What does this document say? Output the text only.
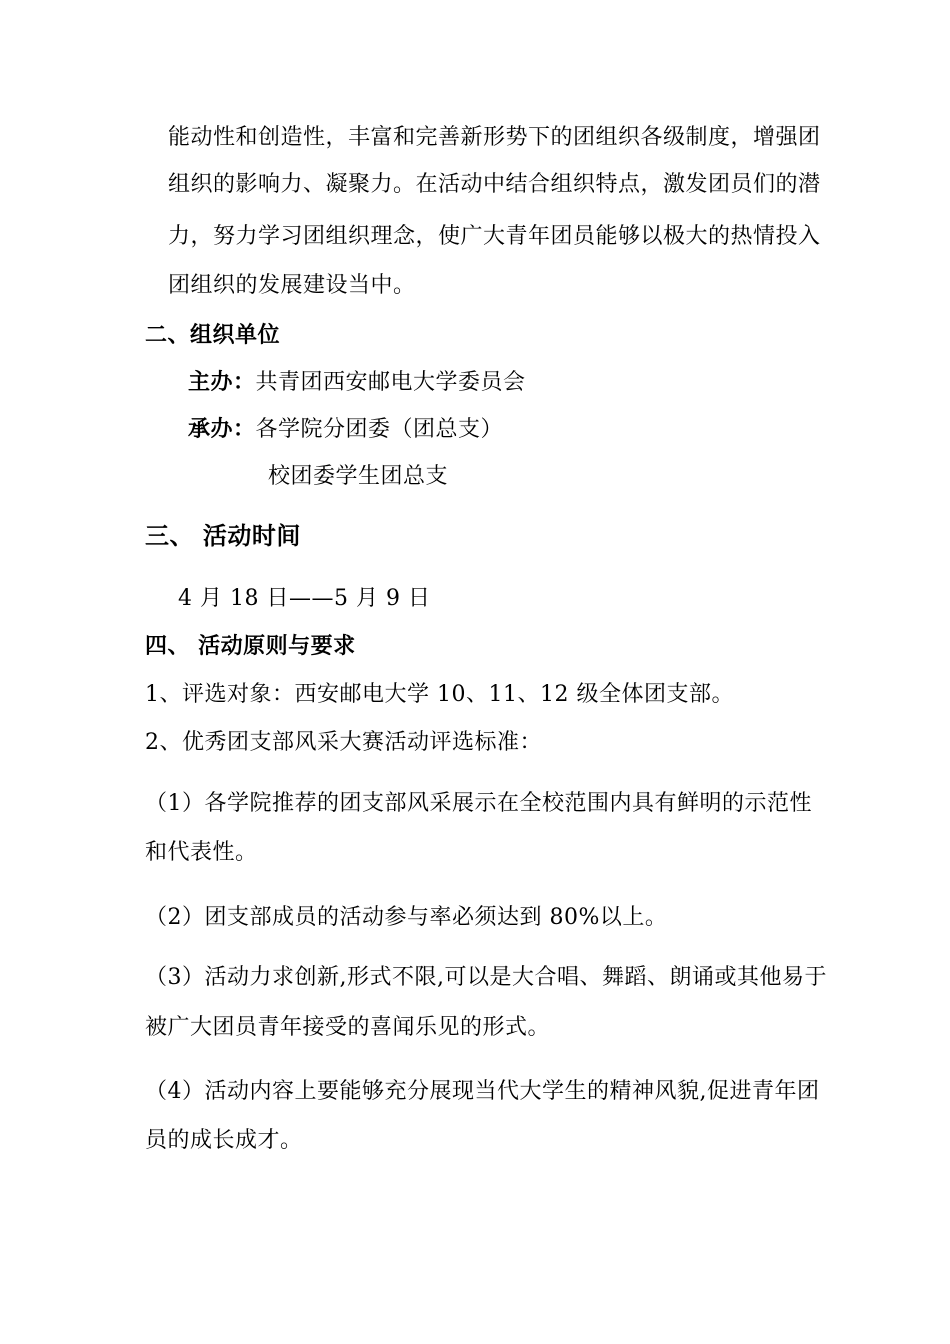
能动性和创造性，丰富和完善新形势下的团组织各级制度，增强团
组织的影响力、凝聚力。在活动中结合组织特点，激发团员们的潜
力，努力学习团组织理念，使广大青年团员能够以极大的热情投入
团组织的发展建设当中。
二、组织单位
主办：共青团西安邮电大学委员会
承办：各学院分团委（团总支）
校团委学生团总支
三、 活动时间
4 月 18 日——5 月 9 日
四、 活动原则与要求
1、评选对象：西安邮电大学 10、11、12 级全体团支部。
2、优秀团支部风采大赛活动评选标准：
（1）各学院推荐的团支部风采展示在全校范围内具有鲜明的示范性
和代表性。
（2）团支部成员的活动参与率必须达到 80%以上。
（3）活动力求创新,形式不限,可以是大合唱、舞蹈、朗诵或其他易于
被广大团员青年接受的喜闻乐见的形式。
（4）活动内容上要能够充分展现当代大学生的精神风貌,促进青年团
员的成长成才。
